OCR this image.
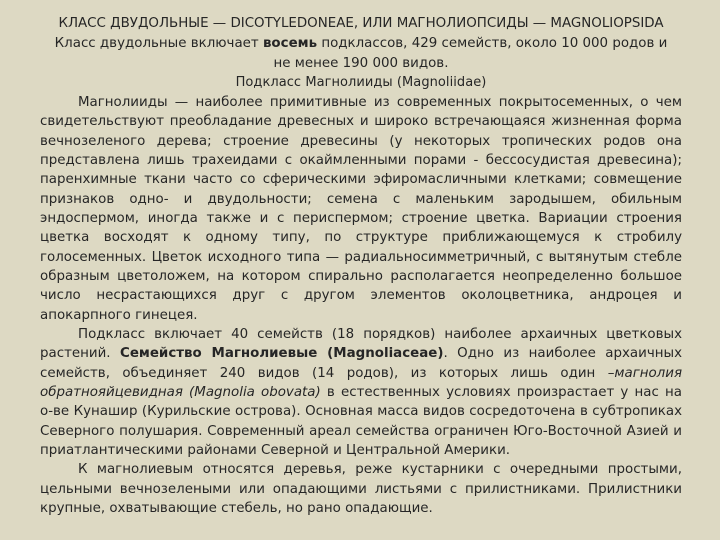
КЛАСС ДВУДОЛЬНЫЕ — DICOTYLEDONEAE, ИЛИ МАГНОЛИОПСИДЫ — MAGNOLIOPSIDA

Класс двудольные включает восемь подклассов, 429 семейств, около 10 000 родов и не менее 190 000 видов.

Подкласс Магнолииды (Magnoliidae)

Магнолииды — наиболее примитивные из современных покрытосеменных, о чем свидетельствуют преобладание древесных и широко встречающаяся жизненная форма вечнозеленого дерева; строение древесины (у некоторых тропических родов она представлена лишь трахеидами с окаймленными порами - бессосудистая древесина); паренхимные ткани часто со сферическими эфиромасличными клетками; совмещение признаков одно- и двудольности; семена с маленьким зародышем, обильным эндоспермом, иногда также и с периспермом; строение цветка. Вариации строения цветка восходят к одному типу, по структуре приближающемуся к стробилу голосеменных. Цветок исходного типа — радиальносимметричный, с вытянутым стебле образным цветоложем, на котором спирально располагается неопределенно большое число несрастающихся друг с другом элементов околоцветника, андроцея и апокарпного гинецея.

Подкласс включает 40 семейств (18 порядков) наиболее архаичных цветковых растений. Семейство Магнолиевые (Magnoliaceae). Одно из наиболее архаичных семейств, объединяет 240 видов (14 родов), из которых лишь один –магнолия обратнояйцевидная (Magnolia obovata) в естественных условиях произрастает у нас на о-ве Кунашир (Курильские острова). Основная масса видов сосредоточена в субтропиках Северного полушария. Современный ареал семейства ограничен Юго-Восточной Азией и приатлантическими районами Северной и Центральной Америки.

К магнолиевым относятся деревья, реже кустарники с очередными простыми, цельными вечнозелеными или опадающими листьями с прилистниками. Прилистники крупные, охватывающие стебель, но рано опадающие.
